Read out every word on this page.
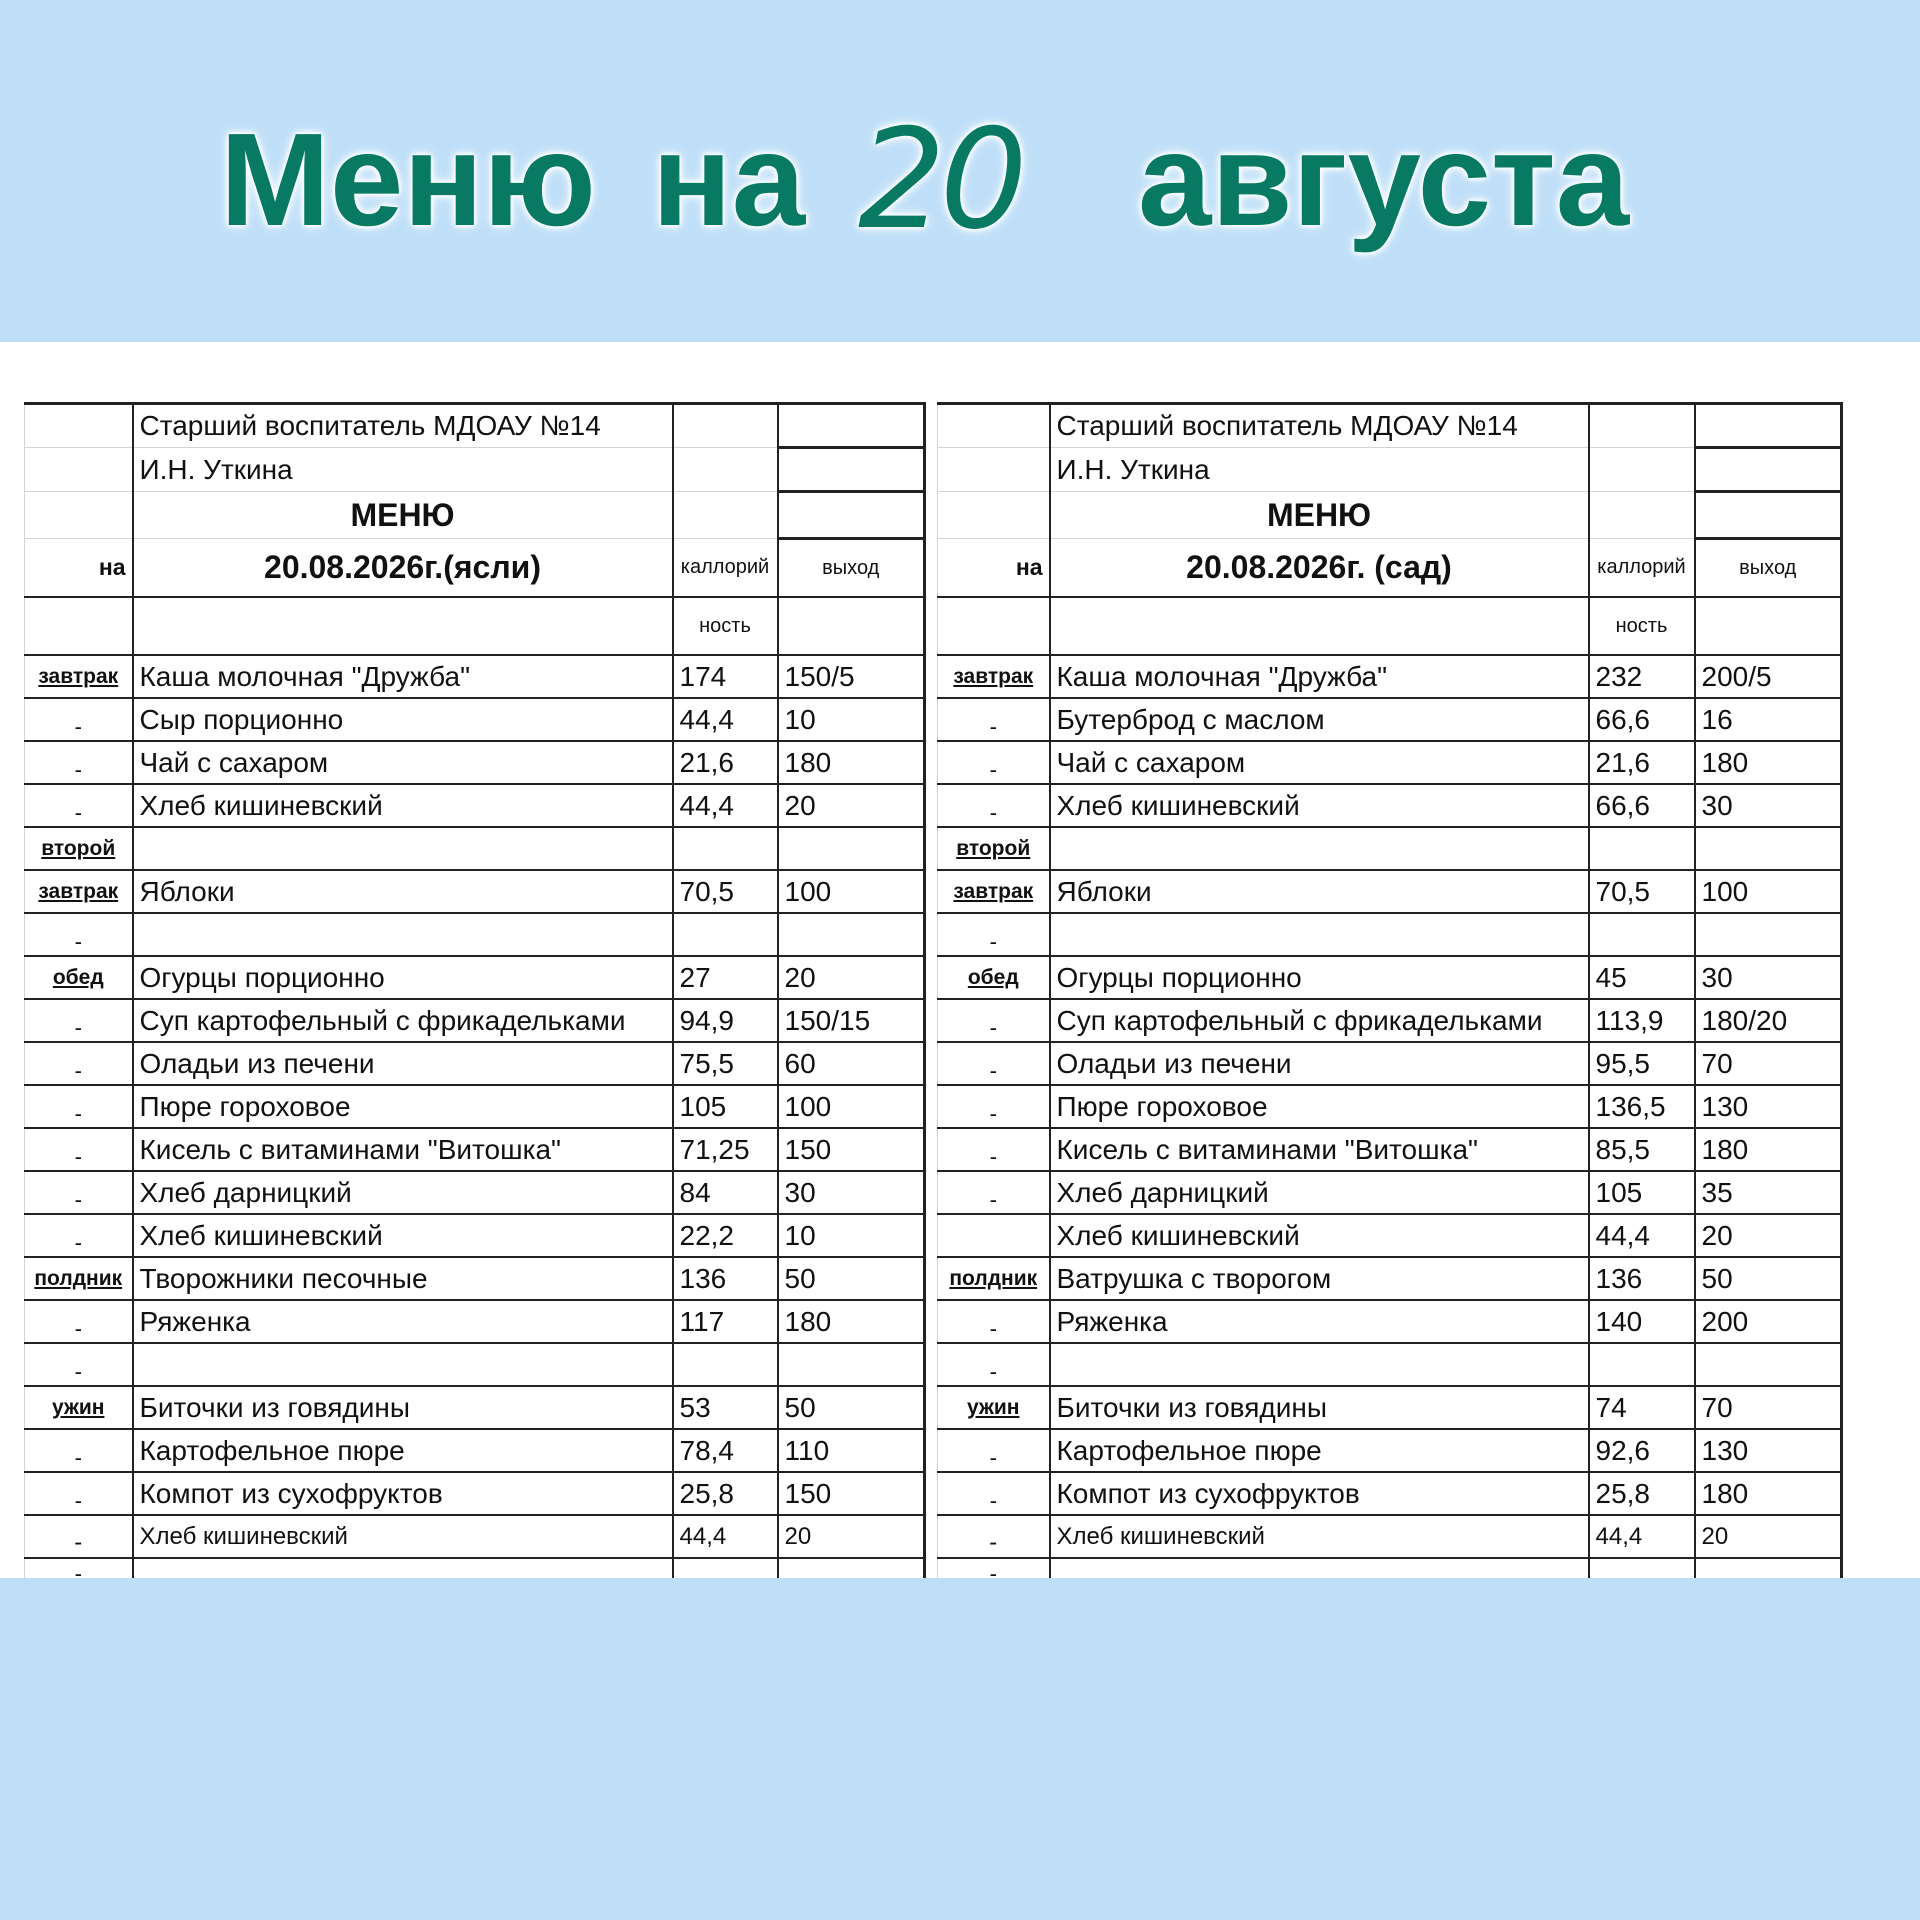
Меню на 20 августа
	Старший воспитатель МДОАУ №14		
	И.Н. Уткина		
	МЕНЮ		
на	20.08.2026г.(ясли)	каллорий	выход
		ность	
завтрак	Каша молочная "Дружба"	174	150/5
-	Сыр порционно	44,4	10
-	Чай с сахаром	21,6	180
-	Хлеб кишиневский	44,4	20
второй			
завтрак	Яблоки	70,5	100
-			
обед	Огурцы порционно	27	20
-	Суп картофельный с фрикадельками	94,9	150/15
-	Оладьи из печени	75,5	60
-	Пюре гороховое	105	100
-	Кисель с витаминами "Витошка"	71,25	150
-	Хлеб дарницкий	84	30
-	Хлеб кишиневский	22,2	10
полдник	Творожники песочные	136	50
-	Ряженка	117	180
-			
ужин	Биточки из говядины	53	50
-	Картофельное пюре	78,4	110
-	Компот из сухофруктов	25,8	150
-	Хлеб кишиневский	44,4	20
-			
	Старший воспитатель МДОАУ №14		
	И.Н. Уткина		
	МЕНЮ		
на	20.08.2026г. (сад)	каллорий	выход
		ность	
завтрак	Каша молочная "Дружба"	232	200/5
-	Бутерброд с маслом	66,6	16
-	Чай с сахаром	21,6	180
-	Хлеб кишиневский	66,6	30
второй			
завтрак	Яблоки	70,5	100
-			
обед	Огурцы порционно	45	30
-	Суп картофельный с фрикадельками	113,9	180/20
-	Оладьи из печени	95,5	70
-	Пюре гороховое	136,5	130
-	Кисель с витаминами "Витошка"	85,5	180
-	Хлеб дарницкий	105	35
	Хлеб кишиневский	44,4	20
полдник	Ватрушка с творогом	136	50
-	Ряженка	140	200
-			
ужин	Биточки из говядины	74	70
-	Картофельное пюре	92,6	130
-	Компот из сухофруктов	25,8	180
-	Хлеб кишиневский	44,4	20
-			
